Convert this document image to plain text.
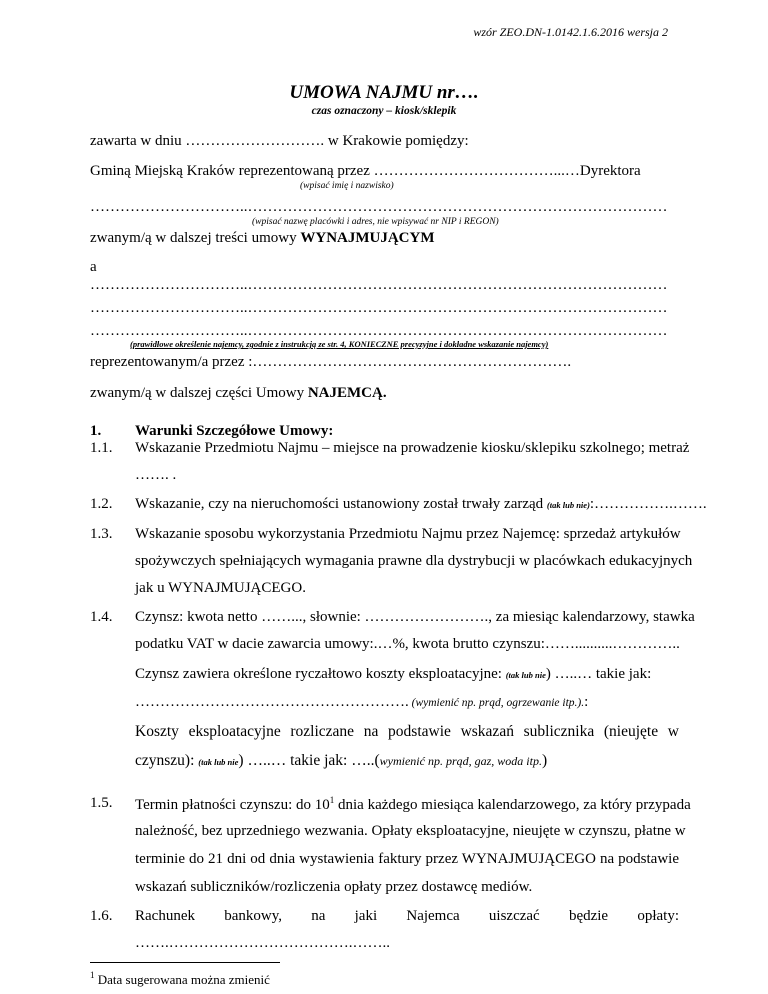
wzór ZEO.DN-1.0142.1.6.2016 wersja 2
UMOWA NAJMU nr….
czas oznaczony – kiosk/sklepik
zawarta w dniu ………………………. w Krakowie pomiędzy:
Gminą Miejską Kraków reprezentowaną przez ………………………………...…Dyrektora
(wpisać imię i nazwisko)
…………………………..…………………………………………………………………………
(wpisać nazwę placówki i adres, nie wpisywać nr NIP i REGON)
zwanym/ą w dalszej treści umowy WYNAJMUJĄCYM
a
…………………………..…………………………………………………………………………
…………………………..…………………………………………………………………………
…………………………..…………………………………………………………………………
(prawidłowe określenie najemcy, zgodnie z instrukcją ze str. 4, KONIECZNE precyzyjne i dokładne wskazanie najemcy)
reprezentowanym/a przez :……………………………………………………….
zwanym/ą w dalszej części Umowy NAJEMCĄ.
1. Warunki Szczegółowe Umowy:
1.1. Wskazanie Przedmiotu Najmu – miejsce na prowadzenie kiosku/sklepiku szkolnego; metraż
……. .
1.2. Wskazanie, czy na nieruchomości ustanowiony został trwały zarząd (tak lub nie):…………….…….
1.3. Wskazanie sposobu wykorzystania Przedmiotu Najmu przez Najemcę: sprzedaż artykułów
spożywczych spełniających wymagania prawne dla dystrybucji w placówkach edukacyjnych
jak u WYNAJMUJĄCEGO.
1.4. Czynsz: kwota netto ……..., słownie: ……………………., za miesiąc kalendarzowy, stawka
podatku VAT w dacie zawarcia umowy:.…%, kwota brutto czynszu:……..........…………..
Czynsz zawiera określone ryczałtowo koszty eksploatacyjne: (tak lub nie) …..… takie jak:
………………………………………………. (wymienić np. prąd, ogrzewanie itp.).:
Koszty eksploatacyjne rozliczane na podstawie wskazań sublicznika (nieujęte w
czynszu): (tak lub nie) …..… takie jak: …..(wymienić np. prąd, gaz, woda itp.)
1.5. Termin płatności czynszu: do $10^1$ dnia każdego miesiąca kalendarzowego, za który przypada
należność, bez uprzedniego wezwania. Opłaty eksploatacyjne, nieujęte w czynszu, płatne w
terminie do 21 dni od dnia wystawienia faktury przez WYNAJMUJĄCEGO na podstawie
wskazań subliczników/rozliczenia opłaty przez dostawcę mediów.
1.6. Rachunek bankowy, na jaki Najemca uiszczać będzie opłaty:
…….……………………………….……..
$^1$ Data sugerowana można zmienić
